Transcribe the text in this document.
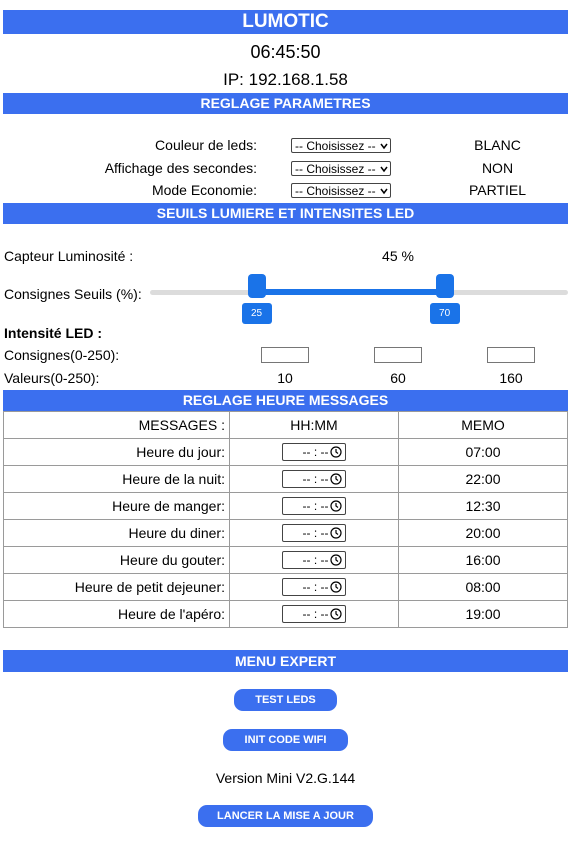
LUMOTIC
06:45:50
IP: 192.168.1.58
REGLAGE PARAMETRES
Couleur de leds:	-- Choisissez --	BLANC
Affichage des secondes:	-- Choisissez --	NON
Mode Economie:	-- Choisissez --	PARTIEL
SEUILS LUMIERE ET INTENSITES LED
Capteur Luminosité :	45 %
Consignes Seuils (%):
25	70
Intensité LED :
Consignes(0-250):
Valeurs(0-250):	10	60	160
REGLAGE HEURE MESSAGES
MESSAGES :	HH:MM	MEMO
Heure du jour:	-- : --	07:00
Heure de la nuit:	-- : --	22:00
Heure de manger:	-- : --	12:30
Heure du diner:	-- : --	20:00
Heure du gouter:	-- : --	16:00
Heure de petit dejeuner:	-- : --	08:00
Heure de l'apéro:	-- : --	19:00
MENU EXPERT
TEST LEDS
INIT CODE WIFI
Version Mini V2.G.144
LANCER LA MISE A JOUR
